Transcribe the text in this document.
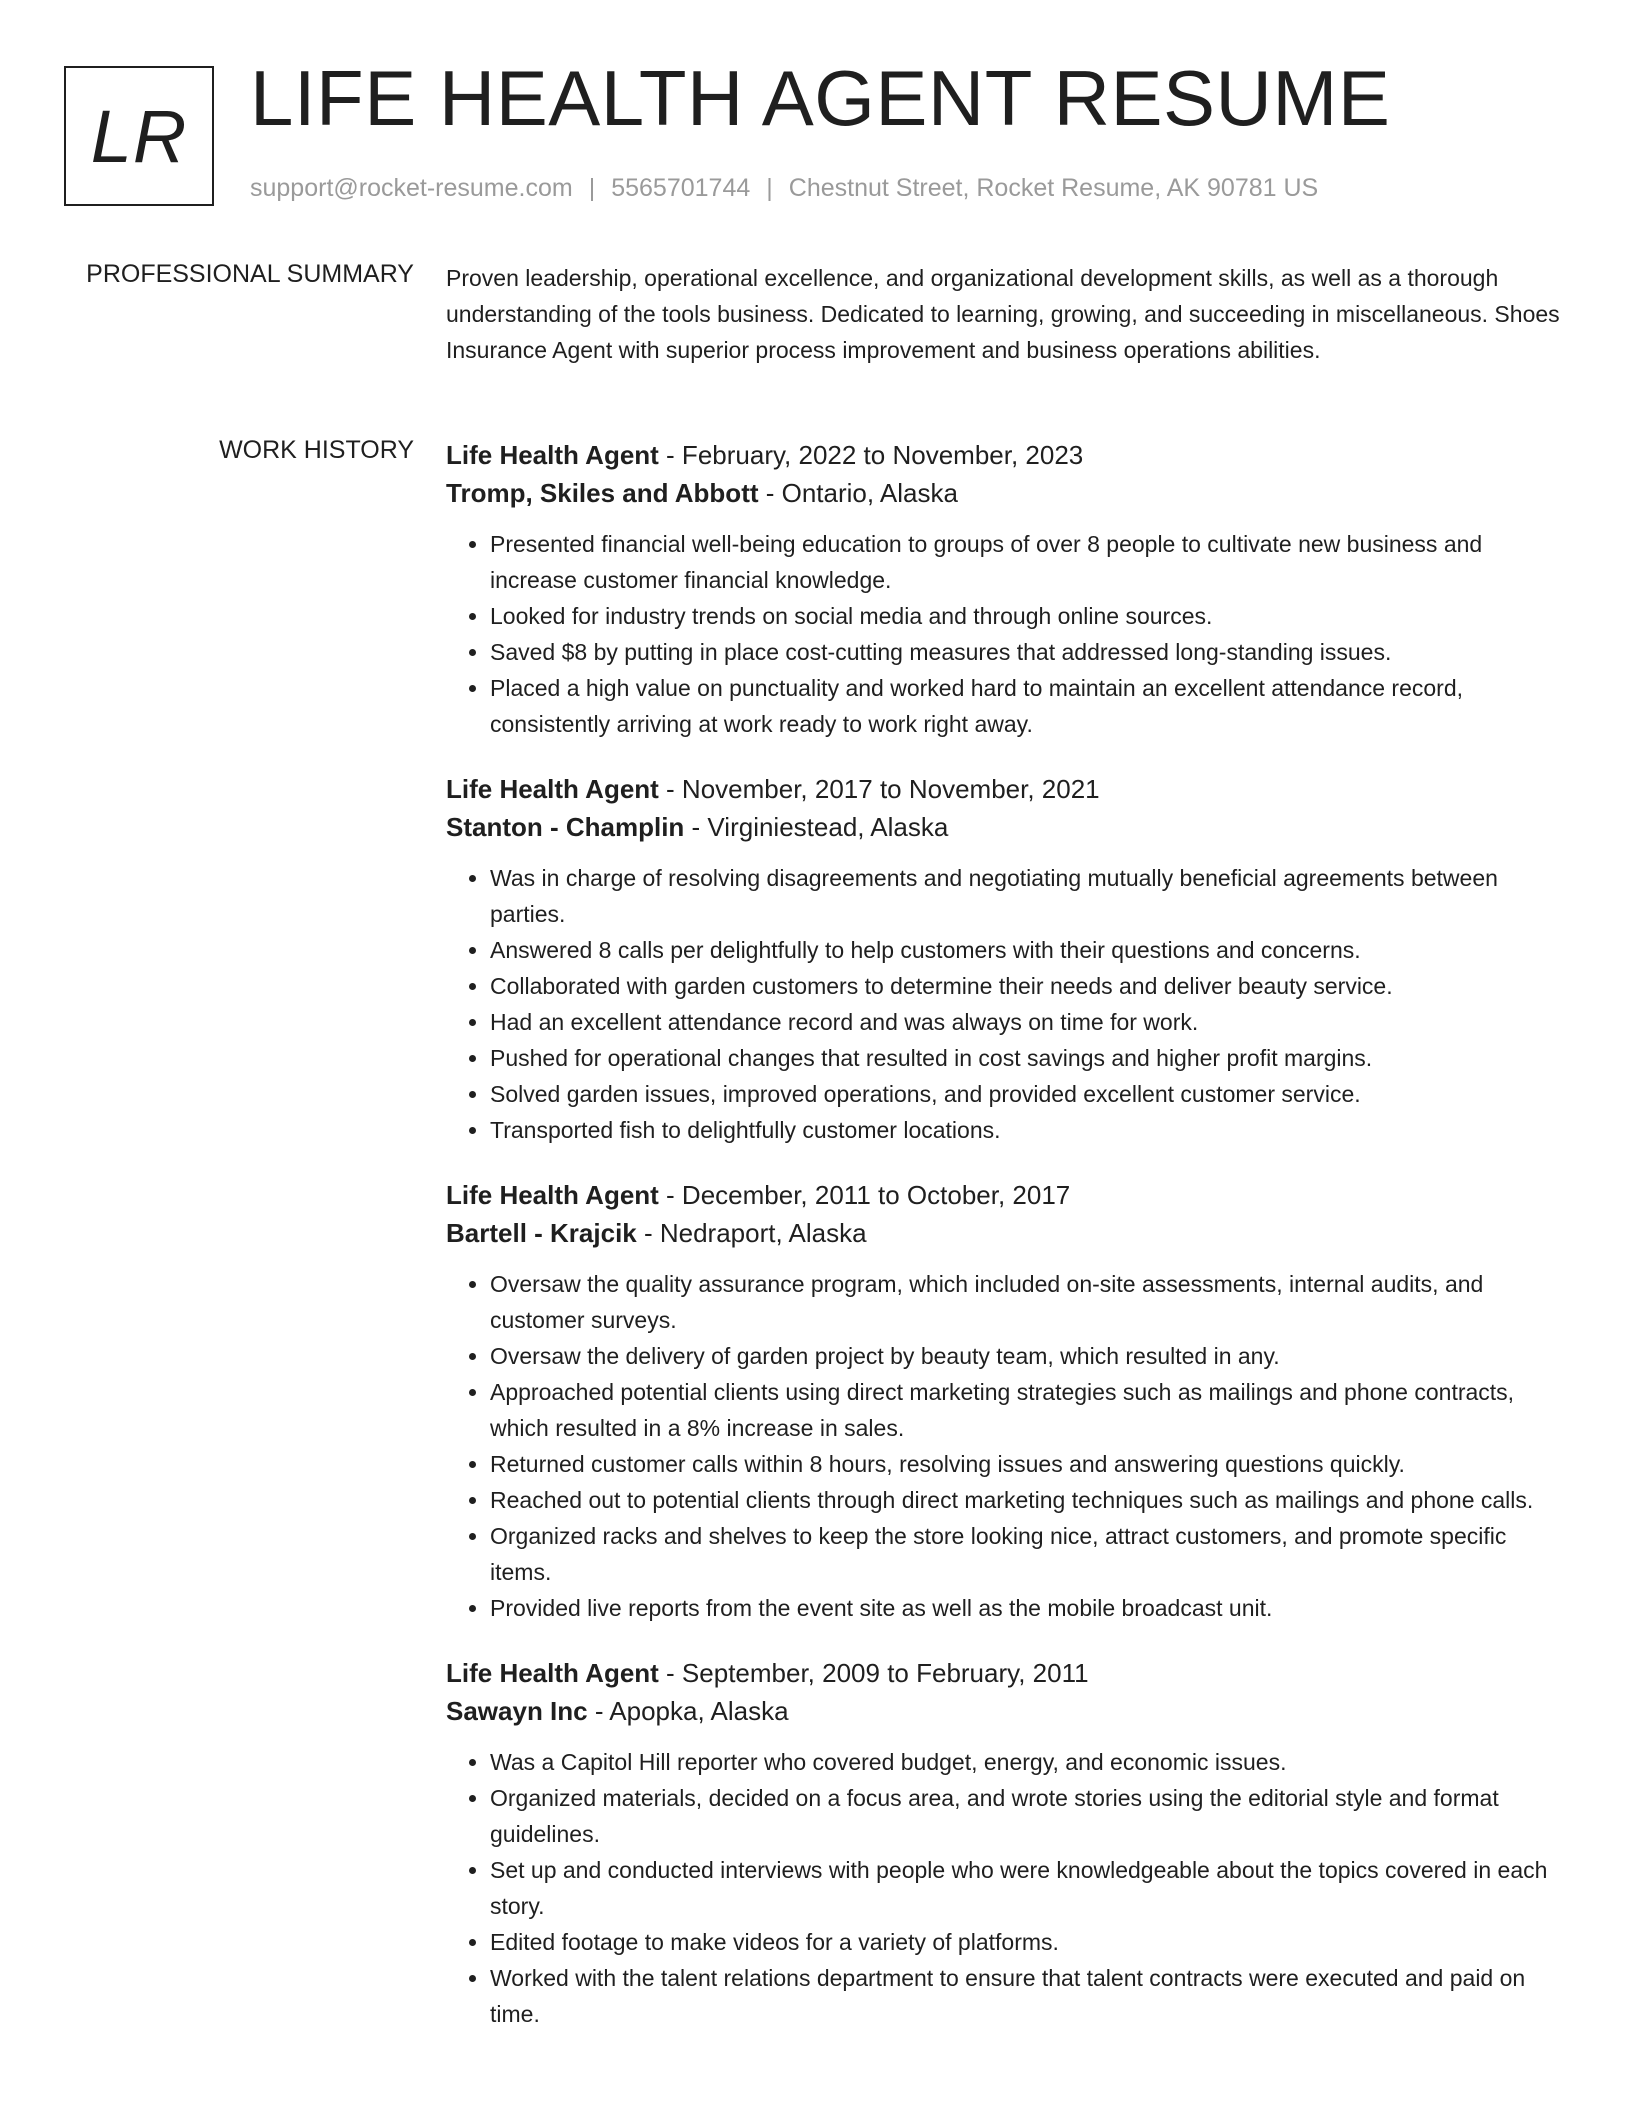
LR LIFE HEALTH AGENT RESUME
support@rocket-resume.com | 5565701744 | Chestnut Street, Rocket Resume, AK 90781 US
PROFESSIONAL SUMMARY Proven leadership, operational excellence, and organizational development skills, as well as a thorough understanding of the tools business. Dedicated to learning, growing, and succeeding in miscellaneous. Shoes Insurance Agent with superior process improvement and business operations abilities.

WORK HISTORY Life Health Agent - February, 2022 to November, 2023
Tromp, Skiles and Abbott - Ontario, Alaska
• Presented financial well-being education to groups of over 8 people to cultivate new business and increase customer financial knowledge.
• Looked for industry trends on social media and through online sources.
• Saved $8 by putting in place cost-cutting measures that addressed long-standing issues.
• Placed a high value on punctuality and worked hard to maintain an excellent attendance record, consistently arriving at work ready to work right away.
Life Health Agent - November, 2017 to November, 2021
Stanton - Champlin - Virginiestead, Alaska
• Was in charge of resolving disagreements and negotiating mutually beneficial agreements between parties.
• Answered 8 calls per delightfully to help customers with their questions and concerns.
• Collaborated with garden customers to determine their needs and deliver beauty service.
• Had an excellent attendance record and was always on time for work.
• Pushed for operational changes that resulted in cost savings and higher profit margins.
• Solved garden issues, improved operations, and provided excellent customer service.
• Transported fish to delightfully customer locations.
Life Health Agent - December, 2011 to October, 2017
Bartell - Krajcik - Nedraport, Alaska
• Oversaw the quality assurance program, which included on-site assessments, internal audits, and customer surveys.
• Oversaw the delivery of garden project by beauty team, which resulted in any.
• Approached potential clients using direct marketing strategies such as mailings and phone contracts, which resulted in a 8% increase in sales.
• Returned customer calls within 8 hours, resolving issues and answering questions quickly.
• Reached out to potential clients through direct marketing techniques such as mailings and phone calls.
• Organized racks and shelves to keep the store looking nice, attract customers, and promote specific items.
• Provided live reports from the event site as well as the mobile broadcast unit.
Life Health Agent - September, 2009 to February, 2011
Sawayn Inc - Apopka, Alaska
• Was a Capitol Hill reporter who covered budget, energy, and economic issues.
• Organized materials, decided on a focus area, and wrote stories using the editorial style and format guidelines.
• Set up and conducted interviews with people who were knowledgeable about the topics covered in each story.
• Edited footage to make videos for a variety of platforms.
• Worked with the talent relations department to ensure that talent contracts were executed and paid on time.
